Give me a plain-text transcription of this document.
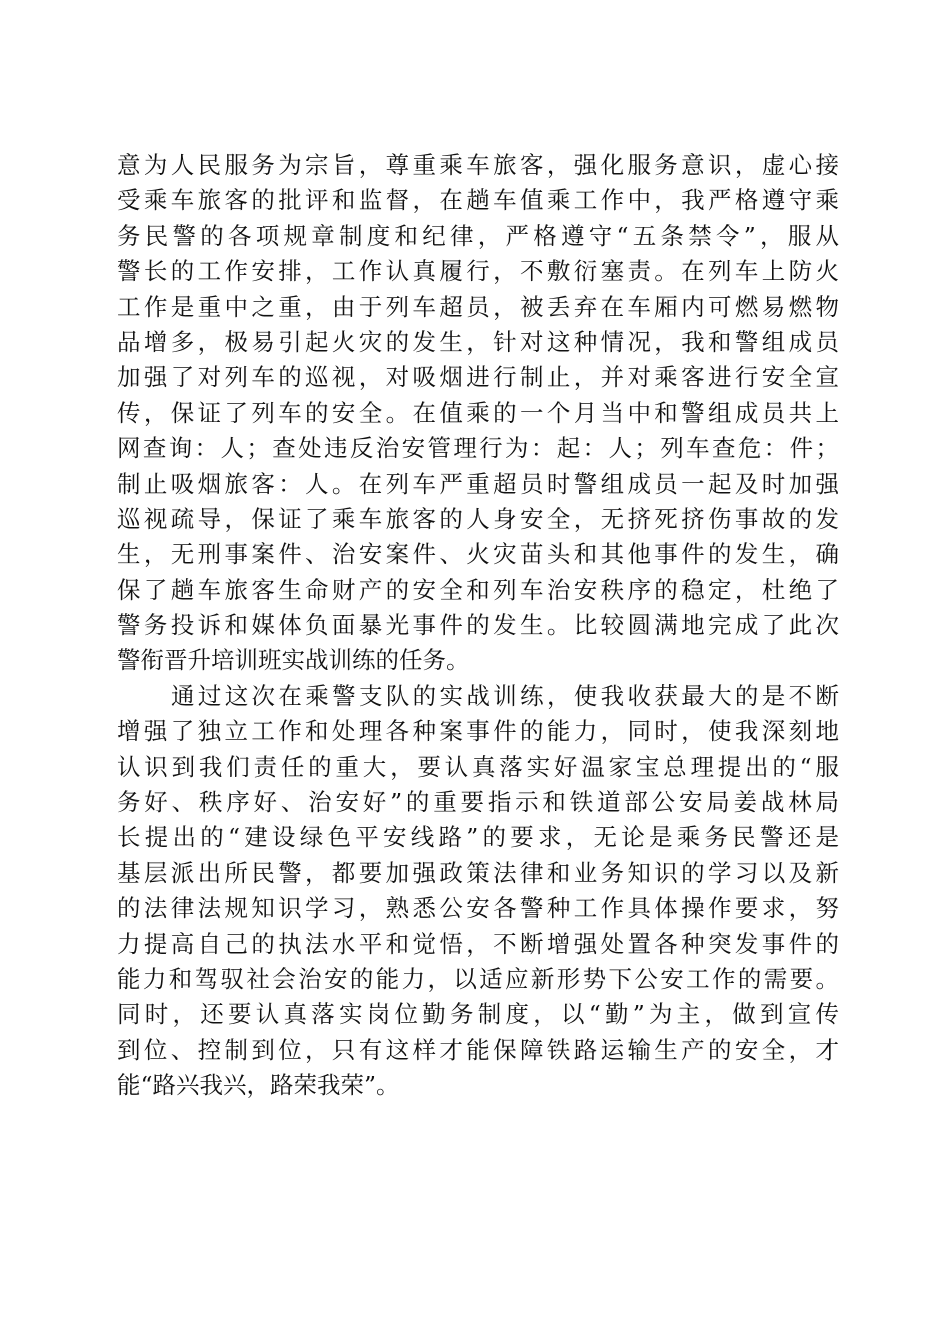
意为人民服务为宗旨，尊重乘车旅客，强化服务意识，虚心接
受乘车旅客的批评和监督，在趟车值乘工作中，我严格遵守乘
务民警的各项规章制度和纪律，严格遵守“五条禁令”，服从
警长的工作安排，工作认真履行，不敷衍塞责。在列车上防火
工作是重中之重，由于列车超员，被丢弃在车厢内可燃易燃物
品增多，极易引起火灾的发生，针对这种情况，我和警组成员
加强了对列车的巡视，对吸烟进行制止，并对乘客进行安全宣
传，保证了列车的安全。在值乘的一个月当中和警组成员共上
网查询：人；查处违反治安管理行为：起：人；列车查危：件；
制止吸烟旅客：人。在列车严重超员时警组成员一起及时加强
巡视疏导，保证了乘车旅客的人身安全，无挤死挤伤事故的发
生，无刑事案件、治安案件、火灾苗头和其他事件的发生，确
保了趟车旅客生命财产的安全和列车治安秩序的稳定，杜绝了
警务投诉和媒体负面暴光事件的发生。比较圆满地完成了此次
警衔晋升培训班实战训练的任务。
通过这次在乘警支队的实战训练，使我收获最大的是不断
增强了独立工作和处理各种案事件的能力，同时，使我深刻地
认识到我们责任的重大，要认真落实好温家宝总理提出的“服
务好、秩序好、治安好”的重要指示和铁道部公安局姜战林局
长提出的“建设绿色平安线路”的要求，无论是乘务民警还是
基层派出所民警，都要加强政策法律和业务知识的学习以及新
的法律法规知识学习，熟悉公安各警种工作具体操作要求，努
力提高自己的执法水平和觉悟，不断增强处置各种突发事件的
能力和驾驭社会治安的能力，以适应新形势下公安工作的需要。
同时，还要认真落实岗位勤务制度，以“勤”为主，做到宣传
到位、控制到位，只有这样才能保障铁路运输生产的安全，才
能“路兴我兴，路荣我荣”。
